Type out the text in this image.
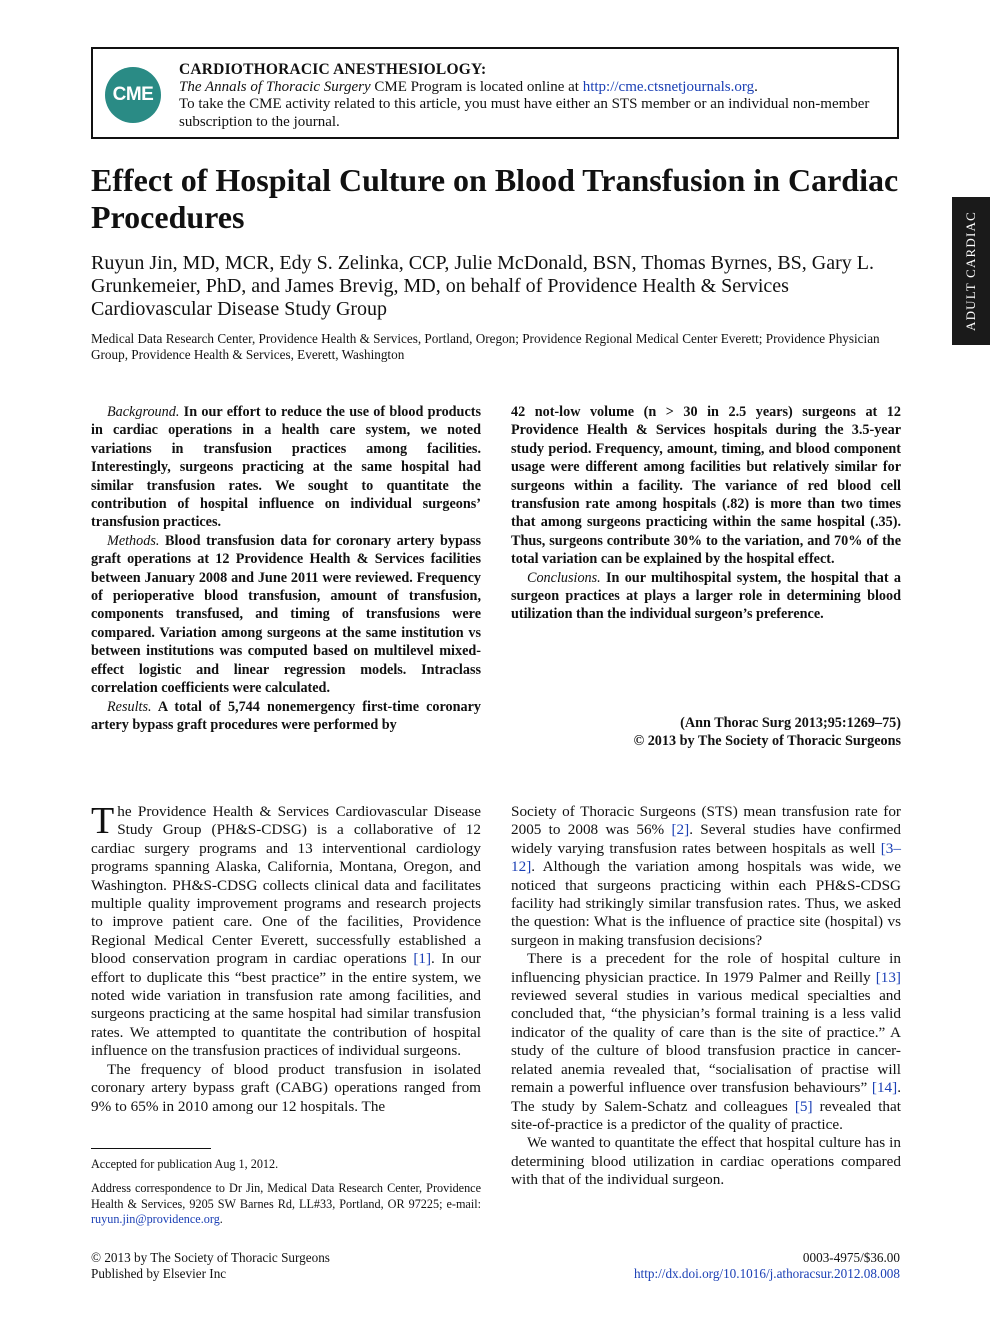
CME
CARDIOTHORACIC ANESTHESIOLOGY:
The Annals of Thoracic Surgery CME Program is located online at http://cme.ctsnetjournals.org.
To take the CME activity related to this article, you must have either an STS member or an individual non-member subscription to the journal.
ADULT CARDIAC
Effect of Hospital Culture on Blood Transfusion in Cardiac Procedures
Ruyun Jin, MD, MCR, Edy S. Zelinka, CCP, Julie McDonald, BSN, Thomas Byrnes, BS, Gary L. Grunkemeier, PhD, and James Brevig, MD, on behalf of Providence Health & Services Cardiovascular Disease Study Group
Medical Data Research Center, Providence Health & Services, Portland, Oregon; Providence Regional Medical Center Everett; Providence Physician Group, Providence Health & Services, Everett, Washington

Background. In our effort to reduce the use of blood products in cardiac operations in a health care system, we noted variations in transfusion practices among facilities. Interestingly, surgeons practicing at the same hospital had similar transfusion rates. We sought to quantitate the contribution of hospital influence on individual surgeons’ transfusion practices.

Methods. Blood transfusion data for coronary artery bypass graft operations at 12 Providence Health & Services facilities between January 2008 and June 2011 were reviewed. Frequency of perioperative blood transfusion, amount of transfusion, components transfused, and timing of transfusions were compared. Variation among surgeons at the same institution vs between institutions was computed based on multilevel mixed-effect logistic and linear regression models. Intraclass correlation coefficients were calculated.

Results. A total of 5,744 nonemergency first-time coronary artery bypass graft procedures were performed by

42 not-low volume (n > 30 in 2.5 years) surgeons at 12 Providence Health & Services hospitals during the 3.5-year study period. Frequency, amount, timing, and blood component usage were different among facilities but relatively similar for surgeons within a facility. The variance of red blood cell transfusion rate among hospitals (.82) is more than two times that among surgeons practicing within the same hospital (.35). Thus, surgeons contribute 30% to the variation, and 70% of the total variation can be explained by the hospital effect.

Conclusions. In our multihospital system, the hospital that a surgeon practices at plays a larger role in determining blood utilization than the individual surgeon’s preference.

(Ann Thorac Surg 2013;95:1269–75)
© 2013 by The Society of Thoracic Surgeons

The Providence Health & Services Cardiovascular Disease Study Group (PH&S-CDSG) is a collaborative of 12 cardiac surgery programs and 13 interventional cardiology programs spanning Alaska, California, Montana, Oregon, and Washington. PH&S-CDSG collects clinical data and facilitates multiple quality improvement programs and research projects to improve patient care. One of the facilities, Providence Regional Medical Center Everett, successfully established a blood conservation program in cardiac operations [1]. In our effort to duplicate this “best practice” in the entire system, we noted wide variation in transfusion rate among facilities, and surgeons practicing at the same hospital had similar transfusion rates. We attempted to quantitate the contribution of hospital influence on the transfusion practices of individual surgeons.

The frequency of blood product transfusion in isolated coronary artery bypass graft (CABG) operations ranged from 9% to 65% in 2010 among our 12 hospitals. The

Society of Thoracic Surgeons (STS) mean transfusion rate for 2005 to 2008 was 56% [2]. Several studies have confirmed widely varying transfusion rates between hospitals as well [3–12]. Although the variation among hospitals was wide, we noticed that surgeons practicing within each PH&S-CDSG facility had strikingly similar transfusion rates. Thus, we asked the question: What is the influence of practice site (hospital) vs surgeon in making transfusion decisions?

There is a precedent for the role of hospital culture in influencing physician practice. In 1979 Palmer and Reilly [13] reviewed several studies in various medical specialties and concluded that, “the physician’s formal training is a less valid indicator of the quality of care than is the site of practice.” A study of the culture of blood transfusion practice in cancer-related anemia revealed that, “socialisation of practise will remain a powerful influence over transfusion behaviours” [14]. The study by Salem-Schatz and colleagues [5] revealed that site-of-practice is a predictor of the quality of practice.

We wanted to quantitate the effect that hospital culture has in determining blood utilization in cardiac operations compared with that of the individual surgeon.

Accepted for publication Aug 1, 2012.

Address correspondence to Dr Jin, Medical Data Research Center, Providence Health & Services, 9205 SW Barnes Rd, LL#33, Portland, OR 97225; e-mail: ruyun.jin@providence.org.

© 2013 by The Society of Thoracic Surgeons
Published by Elsevier Inc
0003-4975/$36.00
http://dx.doi.org/10.1016/j.athoracsur.2012.08.008
